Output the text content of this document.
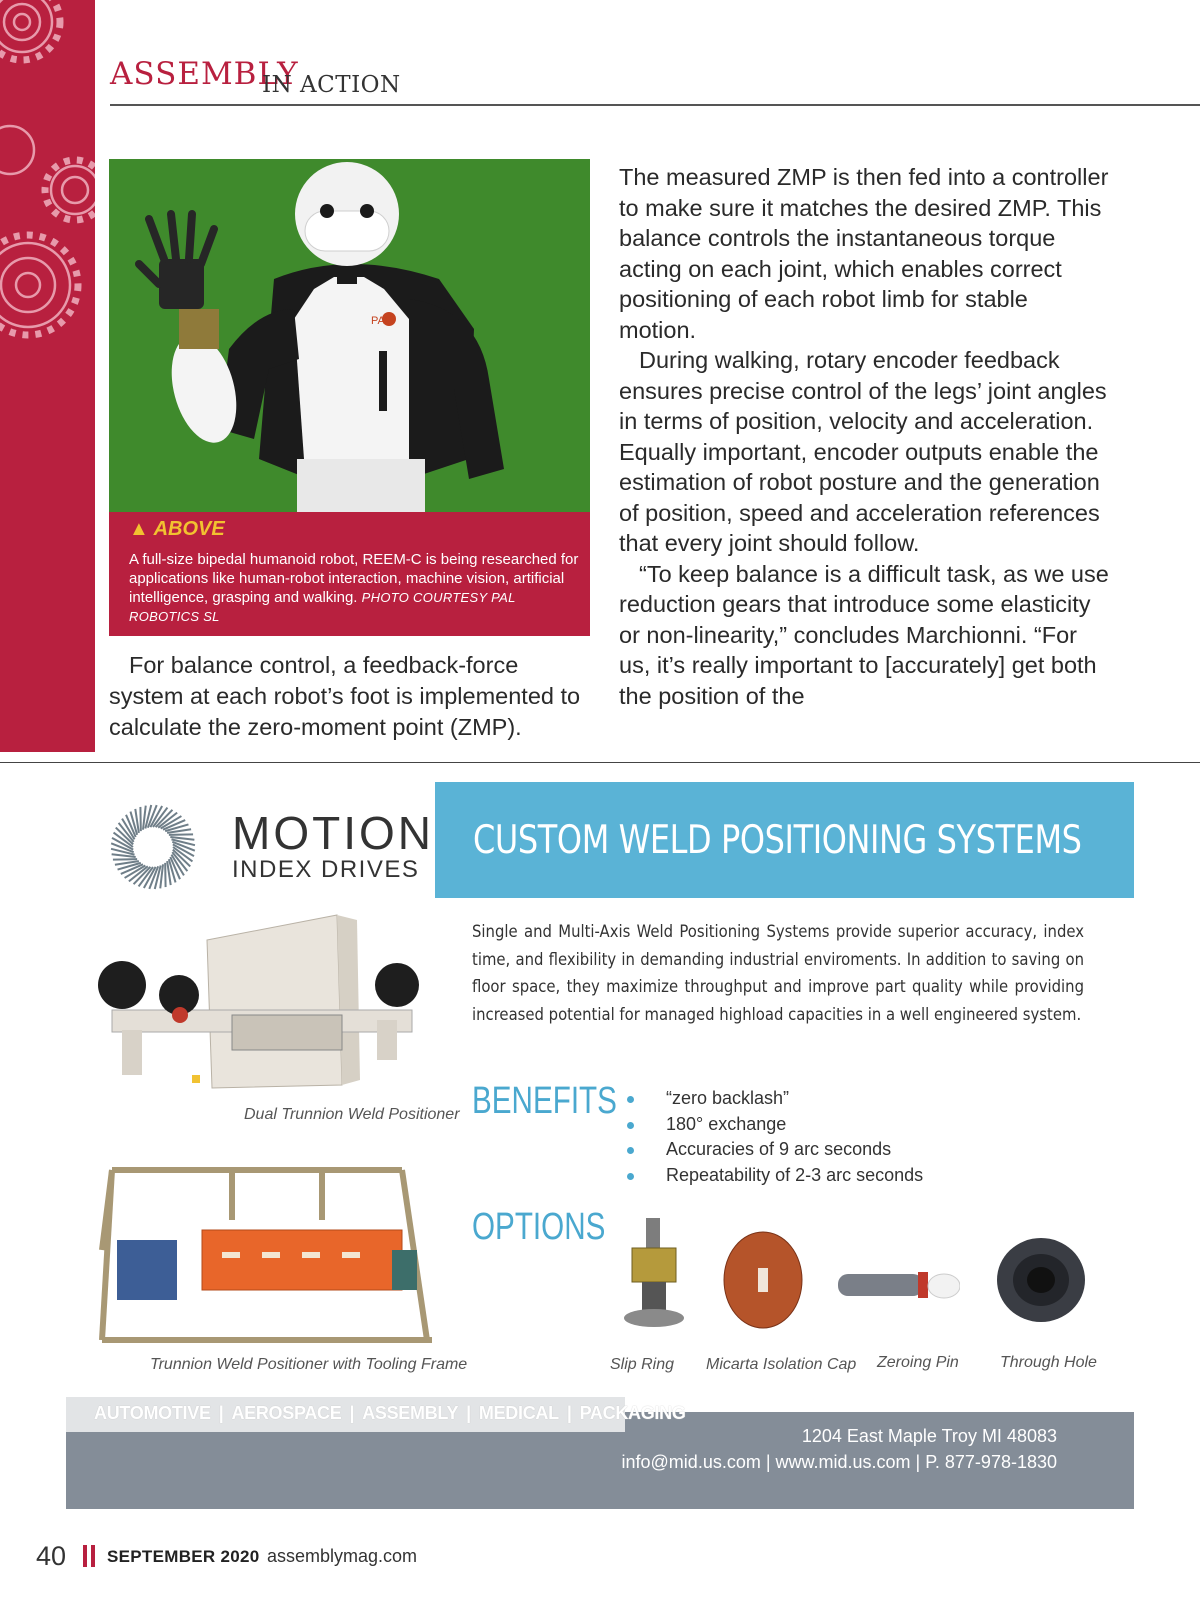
ASSEMBLY
IN ACTION
PAL
▲ ABOVE
A full-size bipedal humanoid robot, REEM-C is being researched for applications like human-robot interaction, machine vision, artificial intelligence, grasping and walking. PHOTO COURTESY PAL ROBOTICS SL

For balance control, a feedback-force system at each robot’s foot is implemented to calculate the zero-moment point (ZMP).

The measured ZMP is then fed into a controller to make sure it matches the desired ZMP. This balance controls the instantaneous torque acting on each joint, which enables correct positioning of each robot limb for stable motion.

During walking, rotary encoder feedback ensures precise control of the legs’ joint angles in terms of position, velocity and acceleration. Equally important, encoder outputs enable the estimation of robot posture and the generation of position, speed and acceleration references that every joint should follow.

“To keep balance is a difficult task, as we use reduction gears that introduce some elasticity or non-linearity,” concludes Marchionni. “For us, it’s really important to [accurately] get both the position of the

MOTION
INDEX DRIVES
CUSTOM WELD POSITIONING SYSTEMS
Dual Trunnion Weld Positioner
Trunnion Weld Positioner with Tooling Frame
Single and Multi-Axis Weld Positioning Systems provide superior accuracy, index time, and flexibility in demanding industrial enviroments. In addition to saving on floor space, they maximize throughput and improve part quality while providing increased potential for managed highload capacities in a well engineered system.
BENEFITS	“zero backlash”
180° exchange
Accuracies of 9 arc seconds
Repeatability of 2-3 arc seconds
OPTIONS
Slip Ring Micarta Isolation Cap Zeroing Pin	Through Hole
1204 East Maple Troy MI 48083
info@mid.us.com | www.mid.us.com | P. 877-978-1830
AUTOMOTIVE | AEROSPACE | ASSEMBLY | MEDICAL | PACKAGING
40 SEPTEMBER 2020 assemblymag.com
